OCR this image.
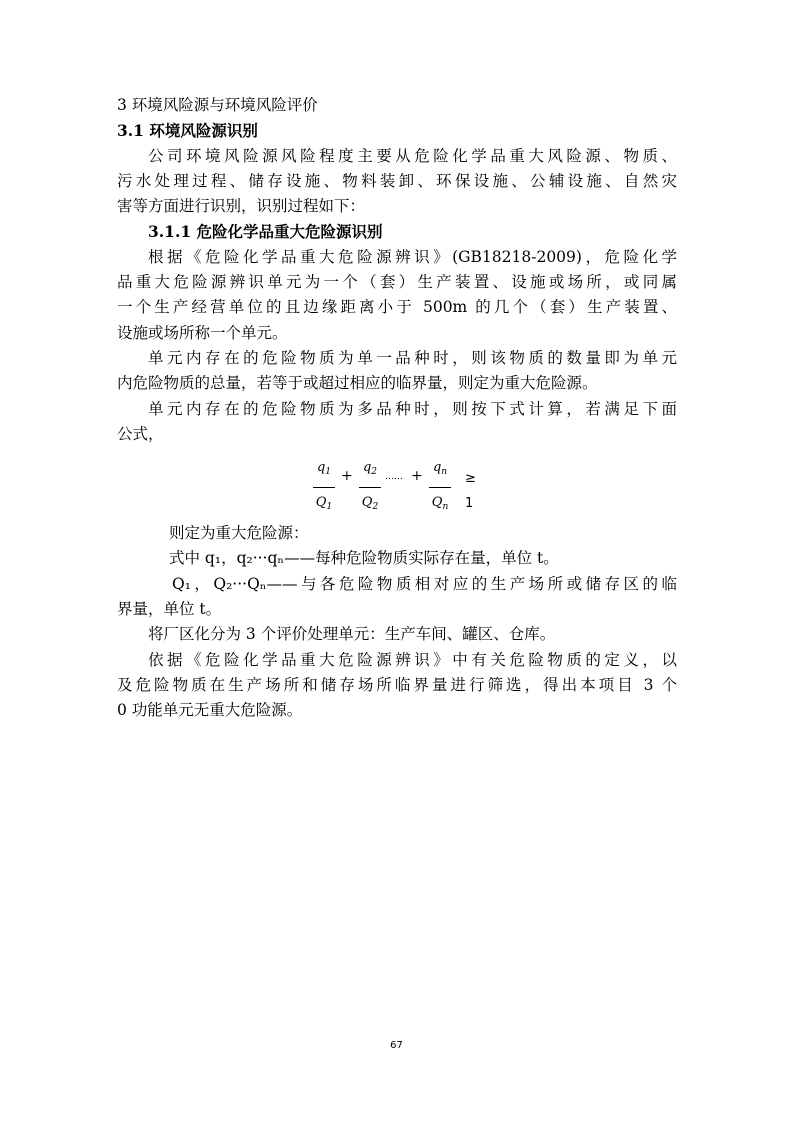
3 环境风险源与环境风险评价
3.1 环境风险源识别
公司环境风险源风险程度主要从危险化学品重大风险源、物质、
污水处理过程、储存设施、物料装卸、环保设施、公辅设施、自然灾
害等方面进行识别，识别过程如下：
3.1.1 危险化学品重大危险源识别
根据《危险化学品重大危险源辨识》(GB18218-2009)，危险化学
品重大危险源辨识单元为一个（套）生产装置、设施或场所，或同属
一个生产经营单位的且边缘距离小于 500m 的几个（套）生产装置、
设施或场所称一个单元。
单元内存在的危险物质为单一品种时，则该物质的数量即为单元
内危险物质的总量，若等于或超过相应的临界量，则定为重大危险源。
单元内存在的危险物质为多品种时，则按下式计算，若满足下面
公式，
$\frac{q_1}{Q_1} + \frac{q_2}{Q_2}$ …… + $\frac{q_n}{Q_n} \ge 1$
则定为重大危险源：
式中 q₁，q₂···qₙ——每种危险物质实际存在量，单位 t。
Q₁，Q₂···Qₙ——与各危险物质相对应的生产场所或储存区的临
界量，单位 t。
将厂区化分为 3 个评价处理单元：生产车间、罐区、仓库。
依据《危险化学品重大危险源辨识》中有关危险物质的定义，以
及危险物质在生产场所和储存场所临界量进行筛选，得出本项目 3 个
0 功能单元无重大危险源。
67
